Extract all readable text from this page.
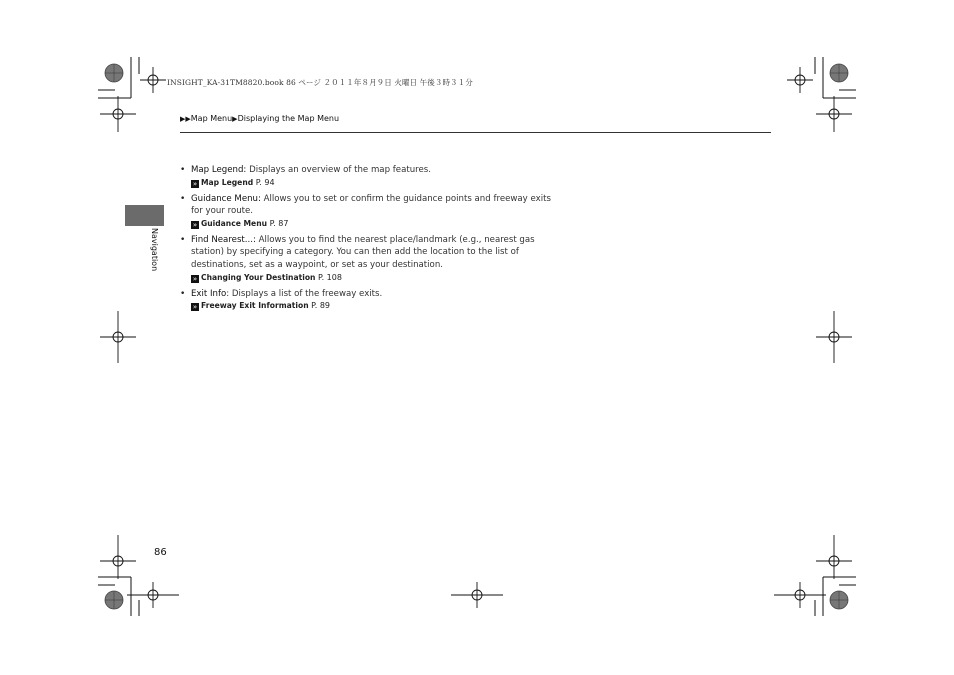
INSIGHT_KA-31TM8820.book 86 ページ ２０１１年８月９日 火曜日 午後３時３１分
▶▶Map Menu▶Displaying the Map Menu
Navigation
• Map Legend: Displays an overview of the map features.
» Map Legend P. 94
• Guidance Menu: Allows you to set or confirm the guidance points and freeway exits for your route.
» Guidance Menu P. 87
• Find Nearest...: Allows you to find the nearest place/landmark (e.g., nearest gas station) by specifying a category. You can then add the location to the list of destinations, set as a waypoint, or set as your destination.
» Changing Your Destination P. 108
• Exit Info: Displays a list of the freeway exits.
» Freeway Exit Information P. 89
86
